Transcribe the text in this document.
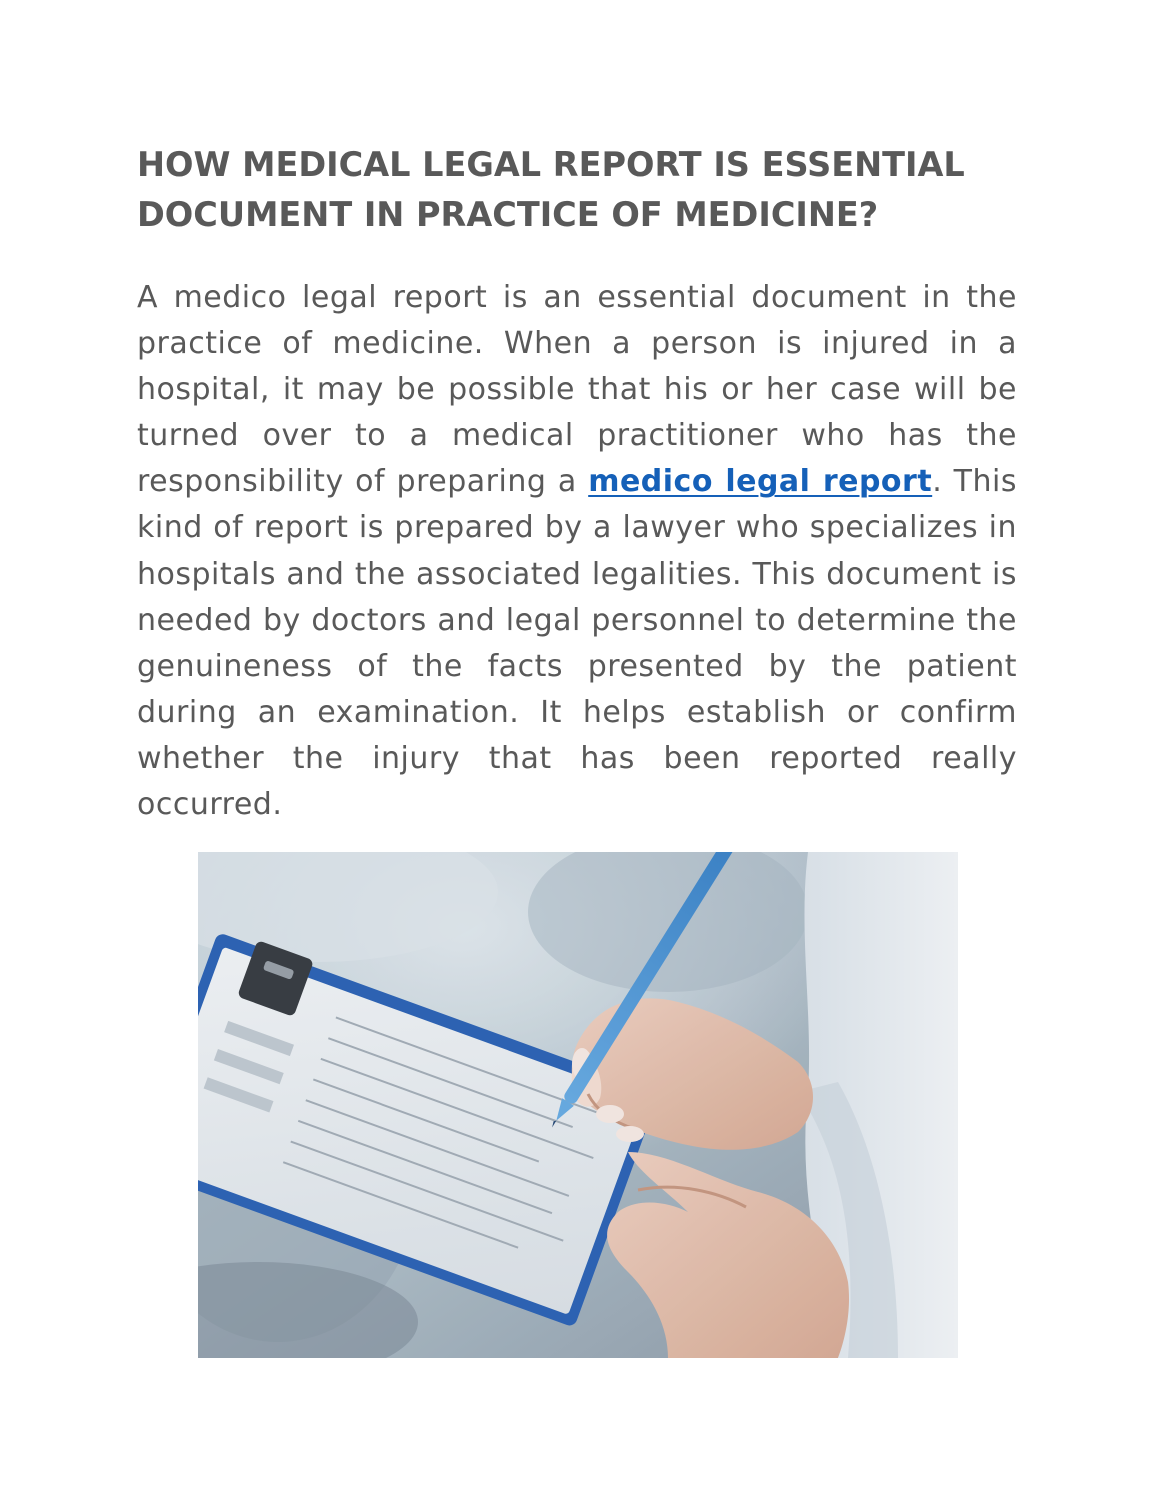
HOW MEDICAL LEGAL REPORT IS ESSENTIAL DOCUMENT IN PRACTICE OF MEDICINE?

A medico legal report is an essential document in the practice of medicine. When a person is injured in a hospital, it may be possible that his or her case will be turned over to a medical practitioner who has the responsibility of preparing a medico legal report. This kind of report is prepared by a lawyer who specializes in hospitals and the associated legalities. This document is needed by doctors and legal personnel to determine the genuineness of the facts presented by the patient during an examination. It helps establish or confirm whether the injury that has been reported really occurred.
